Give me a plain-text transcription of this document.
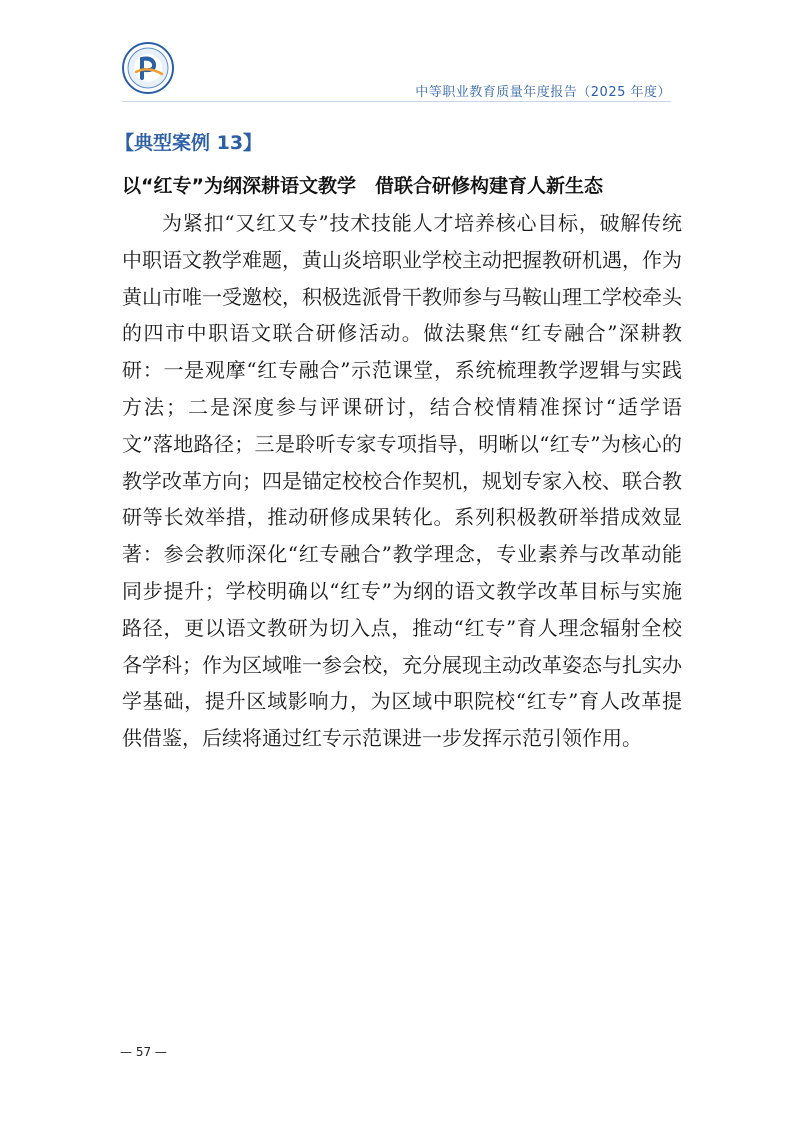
中等职业教育质量年度报告（2025 年度）
【典型案例 13】
以“红专”为纲深耕语文教学　借联合研修构建育人新生态

为紧扣“又红又专”技术技能人才培养核心目标，破解传统中职语文教学难题，黄山炎培职业学校主动把握教研机遇，作为黄山市唯一受邀校，积极选派骨干教师参与马鞍山理工学校牵头的四市中职语文联合研修活动。做法聚焦“红专融合”深耕教研：一是观摩“红专融合”示范课堂，系统梳理教学逻辑与实践方法；二是深度参与评课研讨，结合校情精准探讨“适学语文”落地路径；三是聆听专家专项指导，明晰以“红专”为核心的教学改革方向；四是锚定校校合作契机，规划专家入校、联合教研等长效举措，推动研修成果转化。系列积极教研举措成效显著：参会教师深化“红专融合”教学理念，专业素养与改革动能同步提升；学校明确以“红专”为纲的语文教学改革目标与实施路径，更以语文教研为切入点，推动“红专”育人理念辐射全校各学科；作为区域唯一参会校，充分展现主动改革姿态与扎实办学基础，提升区域影响力，为区域中职院校“红专”育人改革提供借鉴，后续将通过红专示范课进一步发挥示范引领作用。

— 57 —
